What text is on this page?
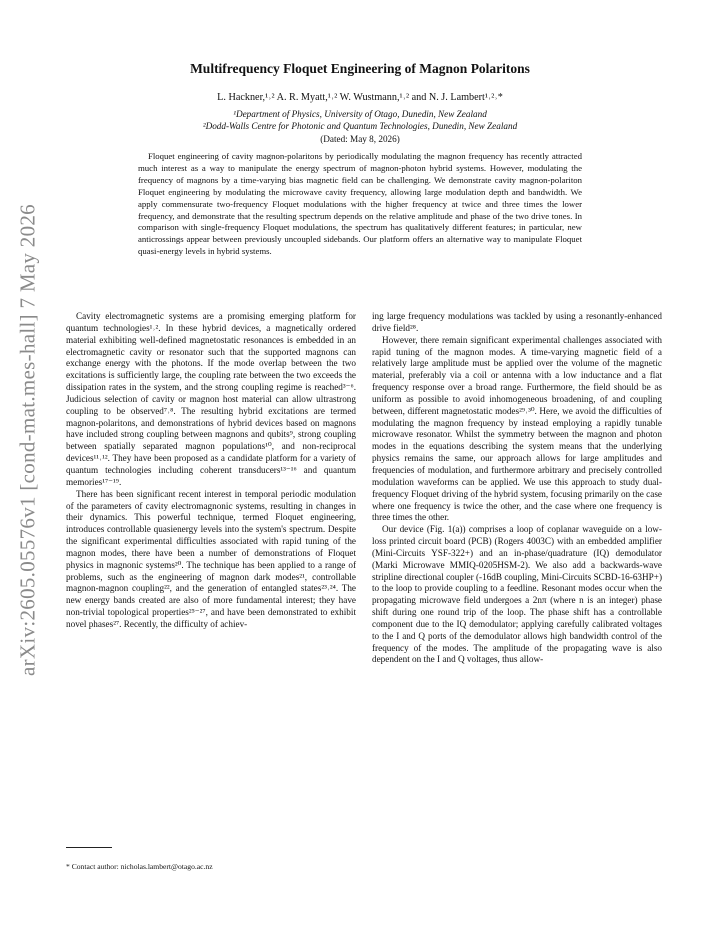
arXiv:2605.05576v1 [cond-mat.mes-hall] 7 May 2026
Multifrequency Floquet Engineering of Magnon Polaritons
L. Hackner,¹˒² A. R. Myatt,¹˒² W. Wustmann,¹˒² and N. J. Lambert¹˒²˒*
¹Department of Physics, University of Otago, Dunedin, New Zealand
²Dodd-Walls Centre for Photonic and Quantum Technologies, Dunedin, New Zealand
(Dated: May 8, 2026)

Floquet engineering of cavity magnon-polaritons by periodically modulating the magnon frequency has recently attracted much interest as a way to manipulate the energy spectrum of magnon-photon hybrid systems. However, modulating the frequency of magnons by a time-varying bias magnetic field can be challenging. We demonstrate cavity magnon-polariton Floquet engineering by modulating the microwave cavity frequency, allowing large modulation depth and bandwidth. We apply commensurate two-frequency Floquet modulations with the higher frequency at twice and three times the lower frequency, and demonstrate that the resulting spectrum depends on the relative amplitude and phase of the two drive tones. In comparison with single-frequency Floquet modulations, the spectrum has qualitatively different features; in particular, new anticrossings appear between previously uncoupled sidebands. Our platform offers an alternative way to manipulate Floquet quasi-energy levels in hybrid systems.

Cavity electromagnetic systems are a promising emerging platform for quantum technologies¹˒². In these hybrid devices, a magnetically ordered material exhibiting well-defined magnetostatic resonances is embedded in an electromagnetic cavity or resonator such that the supported magnons can exchange energy with the photons. If the mode overlap between the two excitations is sufficiently large, the coupling rate between the two exceeds the dissipation rates in the system, and the strong coupling regime is reached³⁻⁶. Judicious selection of cavity or magnon host material can allow ultrastrong coupling to be observed⁷˒⁸. The resulting hybrid excitations are termed magnon-polaritons, and demonstrations of hybrid devices based on magnons have included strong coupling between magnons and qubits⁹, strong coupling between spatially separated magnon populations¹⁰, and non-reciprocal devices¹¹˒¹². They have been proposed as a candidate platform for a variety of quantum technologies including coherent transducers¹³⁻¹⁶ and quantum memories¹⁷⁻¹⁹.

There has been significant recent interest in temporal periodic modulation of the parameters of cavity electromagnonic systems, resulting in changes in their dynamics. This powerful technique, termed Floquet engineering, introduces controllable quasienergy levels into the system's spectrum. Despite the significant experimental difficulties associated with rapid tuning of the magnon modes, there have been a number of demonstrations of Floquet physics in magnonic systems²⁰. The technique has been applied to a range of problems, such as the engineering of magnon dark modes²¹, controllable magnon-magnon coupling²², and the generation of entangled states²³˒²⁴. The new energy bands created are also of more fundamental interest; they have non-trivial topological properties²⁵⁻²⁷, and have been demonstrated to exhibit novel phases²⁷. Recently, the difficulty of achiev-

ing large frequency modulations was tackled by using a resonantly-enhanced drive field²⁸.

However, there remain significant experimental challenges associated with rapid tuning of the magnon modes. A time-varying magnetic field of a relatively large amplitude must be applied over the volume of the magnetic material, preferably via a coil or antenna with a low inductance and a flat frequency response over a broad range. Furthermore, the field should be as uniform as possible to avoid inhomogeneous broadening, of and coupling between, different magnetostatic modes²⁹˒³⁰. Here, we avoid the difficulties of modulating the magnon frequency by instead employing a rapidly tunable microwave resonator. Whilst the symmetry between the magnon and photon modes in the equations describing the system means that the underlying physics remains the same, our approach allows for large amplitudes and frequencies of modulation, and furthermore arbitrary and precisely controlled modulation waveforms can be applied. We use this approach to study dual-frequency Floquet driving of the hybrid system, focusing primarily on the case where one frequency is twice the other, and the case where one frequency is three times the other.

Our device (Fig. 1(a)) comprises a loop of coplanar waveguide on a low-loss printed circuit board (PCB) (Rogers 4003C) with an embedded amplifier (Mini-Circuits YSF-322+) and an in-phase/quadrature (IQ) demodulator (Marki Microwave MMIQ-0205HSM-2). We also add a backwards-wave stripline directional coupler (-16dB coupling, Mini-Circuits SCBD-16-63HP+) to the loop to provide coupling to a feedline. Resonant modes occur when the propagating microwave field undergoes a 2nπ (where n is an integer) phase shift during one round trip of the loop. The phase shift has a controllable component due to the IQ demodulator; applying carefully calibrated voltages to the I and Q ports of the demodulator allows high bandwidth control of the frequency of the modes. The amplitude of the propagating wave is also dependent on the I and Q voltages, thus allow-

* Contact author: nicholas.lambert@otago.ac.nz
